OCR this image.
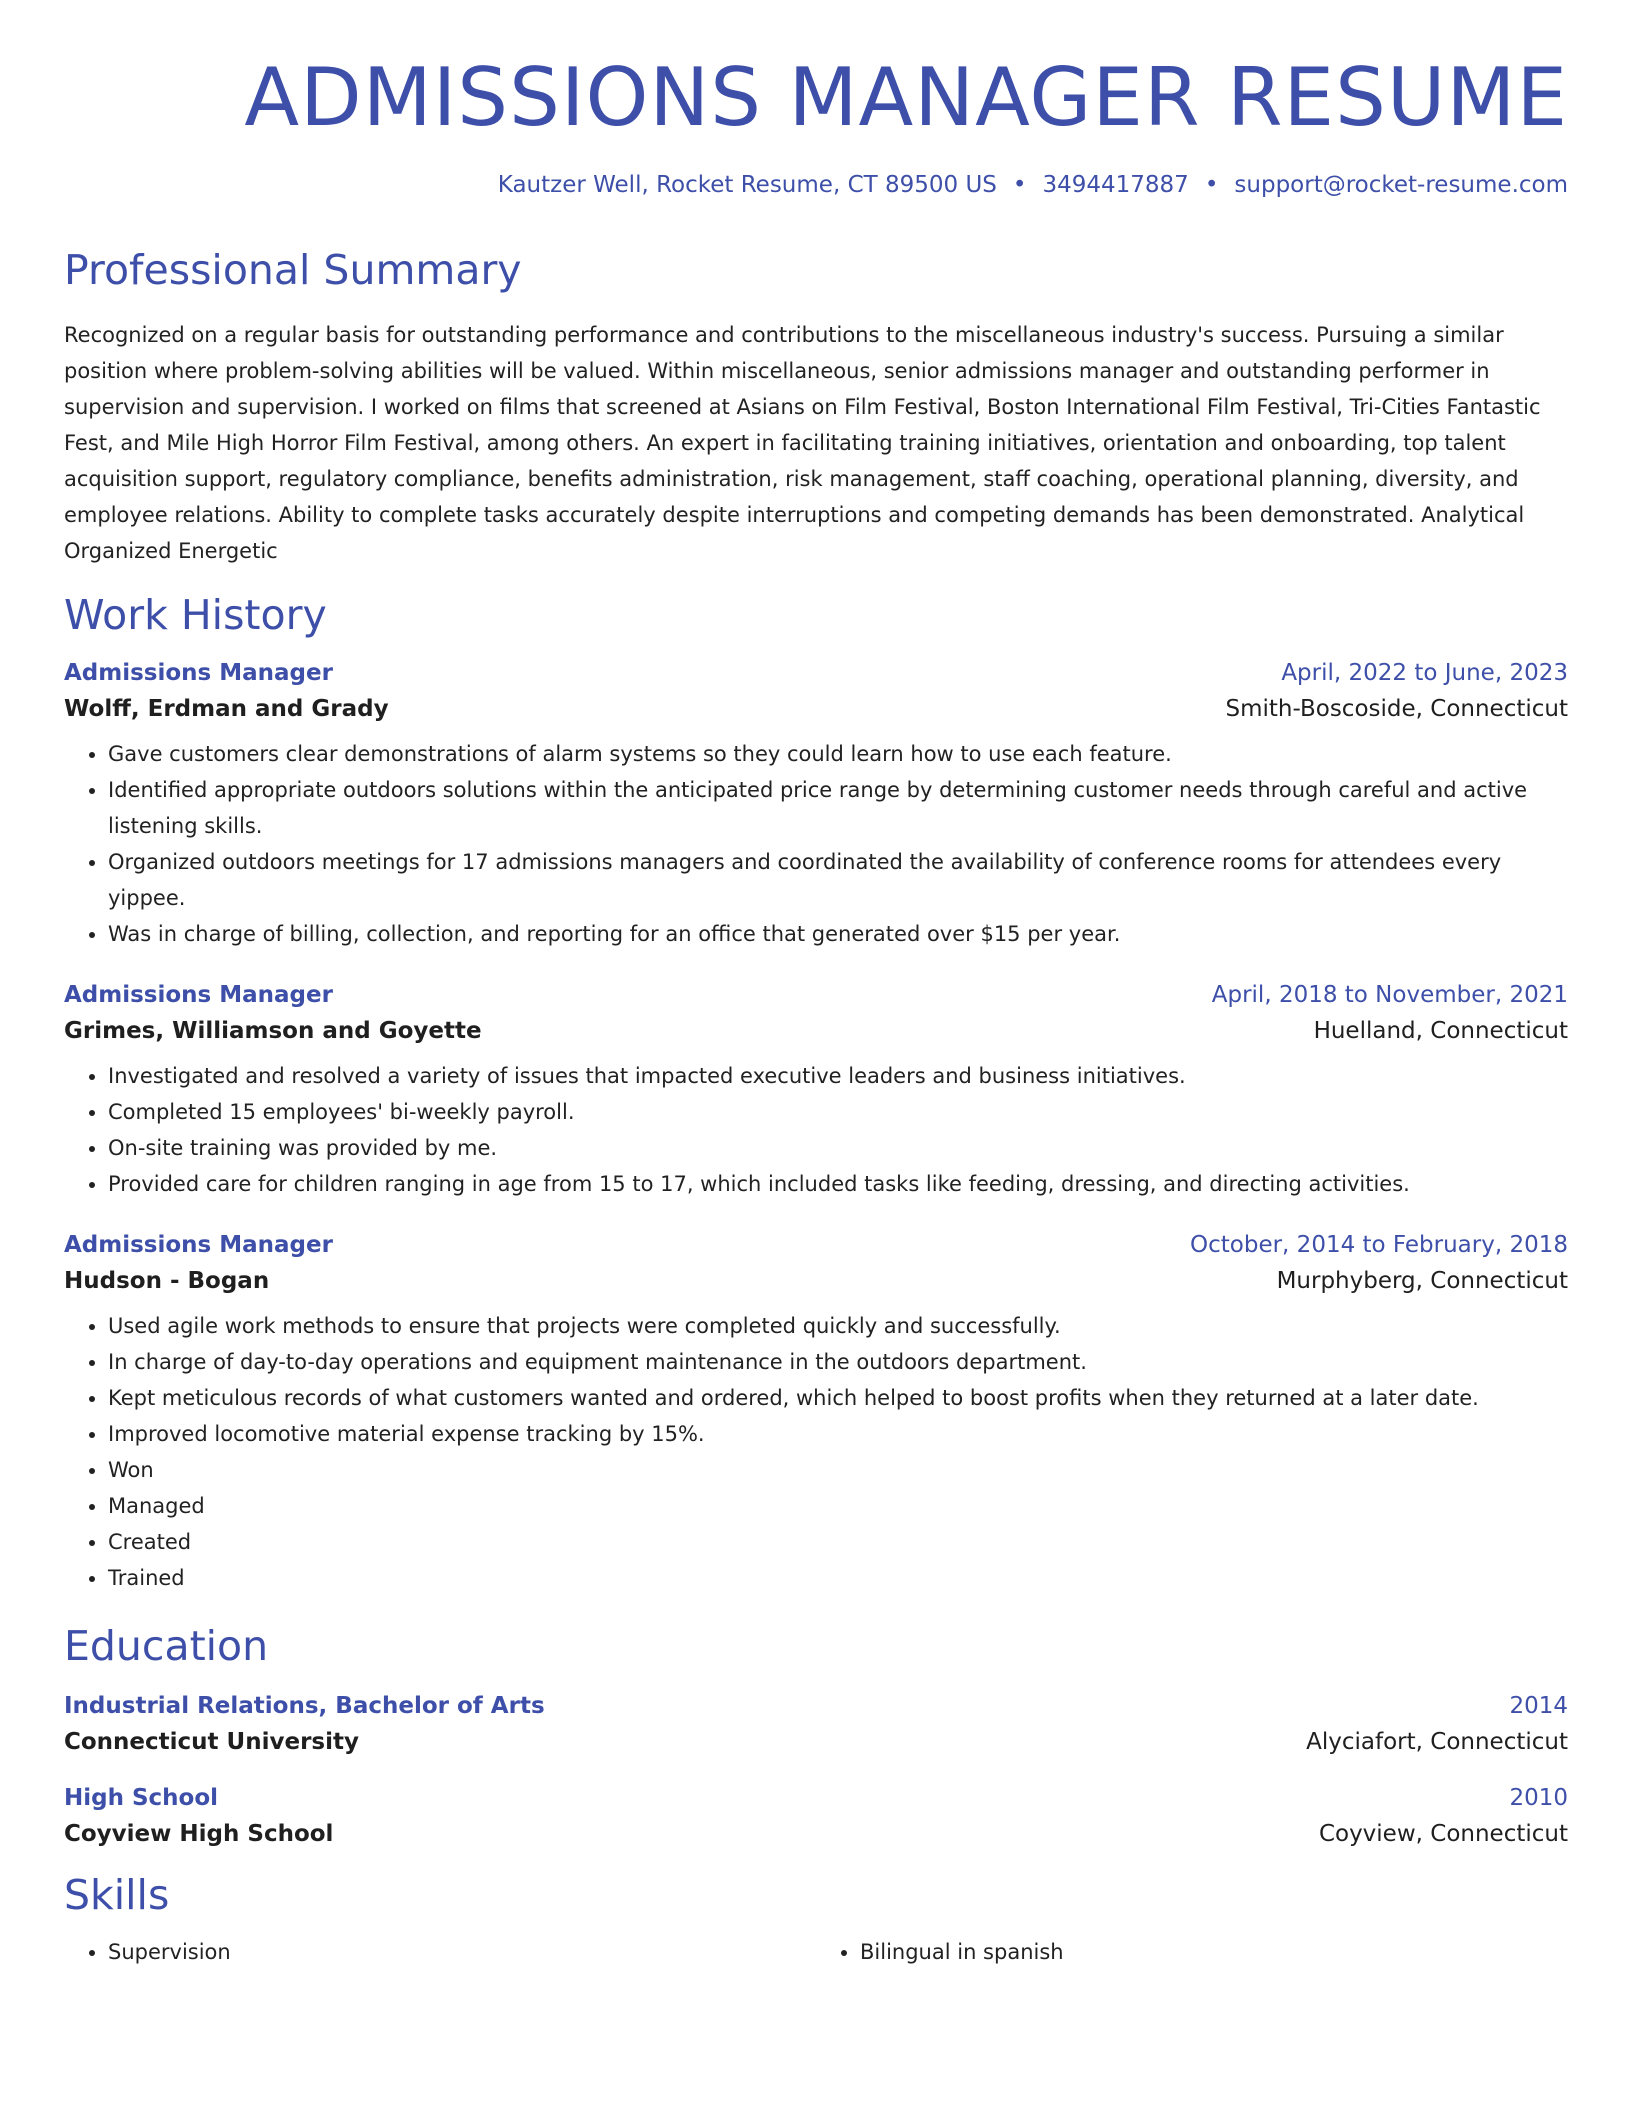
ADMISSIONS MANAGER RESUME
Kautzer Well, Rocket Resume, CT 89500 US • 3494417887 • support@rocket-resume.com
Professional Summary
Recognized on a regular basis for outstanding performance and contributions to the miscellaneous industry's success. Pursuing a similar position where problem-solving abilities will be valued. Within miscellaneous, senior admissions manager and outstanding performer in supervision and supervision. I worked on films that screened at Asians on Film Festival, Boston International Film Festival, Tri-Cities Fantastic Fest, and Mile High Horror Film Festival, among others. An expert in facilitating training initiatives, orientation and onboarding, top talent acquisition support, regulatory compliance, benefits administration, risk management, staff coaching, operational planning, diversity, and employee relations. Ability to complete tasks accurately despite interruptions and competing demands has been demonstrated. Analytical Organized Energetic
Work History
Admissions Manager	April, 2022 to June, 2023
Wolff, Erdman and Grady	Smith-Boscoside, Connecticut
• Gave customers clear demonstrations of alarm systems so they could learn how to use each feature.
• Identified appropriate outdoors solutions within the anticipated price range by determining customer needs through careful and active listening skills.
• Organized outdoors meetings for 17 admissions managers and coordinated the availability of conference rooms for attendees every yippee.
• Was in charge of billing, collection, and reporting for an office that generated over $15 per year.
Admissions Manager	April, 2018 to November, 2021
Grimes, Williamson and Goyette	Huelland, Connecticut
• Investigated and resolved a variety of issues that impacted executive leaders and business initiatives.
• Completed 15 employees' bi-weekly payroll.
• On-site training was provided by me.
• Provided care for children ranging in age from 15 to 17, which included tasks like feeding, dressing, and directing activities.
Admissions Manager	October, 2014 to February, 2018
Hudson - Bogan	Murphyberg, Connecticut
• Used agile work methods to ensure that projects were completed quickly and successfully.
• In charge of day-to-day operations and equipment maintenance in the outdoors department.
• Kept meticulous records of what customers wanted and ordered, which helped to boost profits when they returned at a later date.
• Improved locomotive material expense tracking by 15%.
• Won
• Managed
• Created
• Trained
Education
Industrial Relations, Bachelor of Arts	2014
Connecticut University	Alyciafort, Connecticut
High School	2010
Coyview High School	Coyview, Connecticut
Skills
• Supervision
•	Bilingual in spanish
